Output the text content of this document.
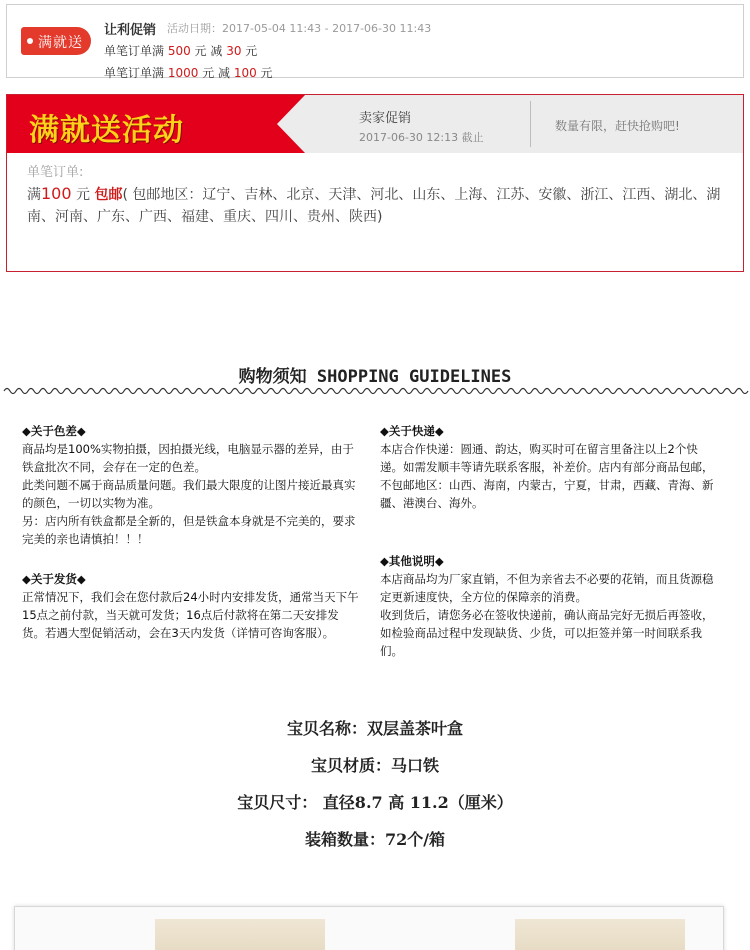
满就送
让利促销 活动日期：2017-05-04 11:43 - 2017-06-30 11:43
单笔订单满 500 元 减 30 元
单笔订单满 1000 元 减 100 元
满就送活动	卖家促销
2017-06-30 12:13 截止
数量有限，赶快抢购吧!
单笔订单:
满100 元 包邮( 包邮地区：辽宁、吉林、北京、天津、河北、山东、上海、江苏、安徽、浙江、江西、湖北、湖南、河南、广东、广西、福建、重庆、四川、贵州、陕西)
购物须知 SHOPPING GUIDELINES
◆关于色差◆
商品均是100%实物拍摄，因拍摄光线，电脑显示器的差异，由于铁盒批次不同，会存在一定的色差。
此类问题不属于商品质量问题。我们最大限度的让图片接近最真实的颜色，一切以实物为准。
另：店内所有铁盒都是全新的，但是铁盒本身就是不完美的，要求完美的亲也请慎拍！！！
◆关于发货◆
正常情况下，我们会在您付款后24小时内安排发货，通常当天下午15点之前付款，当天就可发货；16点后付款将在第二天安排发货。若遇大型促销活动，会在3天内发货（详情可咨询客服）。
◆关于快递◆
本店合作快递：圆通、韵达，购买时可在留言里备注以上2个快递。如需发顺丰等请先联系客服，补差价。店内有部分商品包邮，不包邮地区：山西、海南，内蒙古，宁夏，甘肃，西藏、青海、新疆、港澳台、海外。
◆其他说明◆
本店商品均为厂家直销，不但为亲省去不必要的花销，而且货源稳定更新速度快，全方位的保障亲的消费。
收到货后，请您务必在签收快递前，确认商品完好无损后再签收，如检验商品过程中发现缺货、少货，可以拒签并第一时间联系我们。
宝贝名称：双层盖茶叶盒
宝贝材质：马口铁
宝贝尺寸： 直径8.7 高 11.2（厘米）
装箱数量：72个/箱
